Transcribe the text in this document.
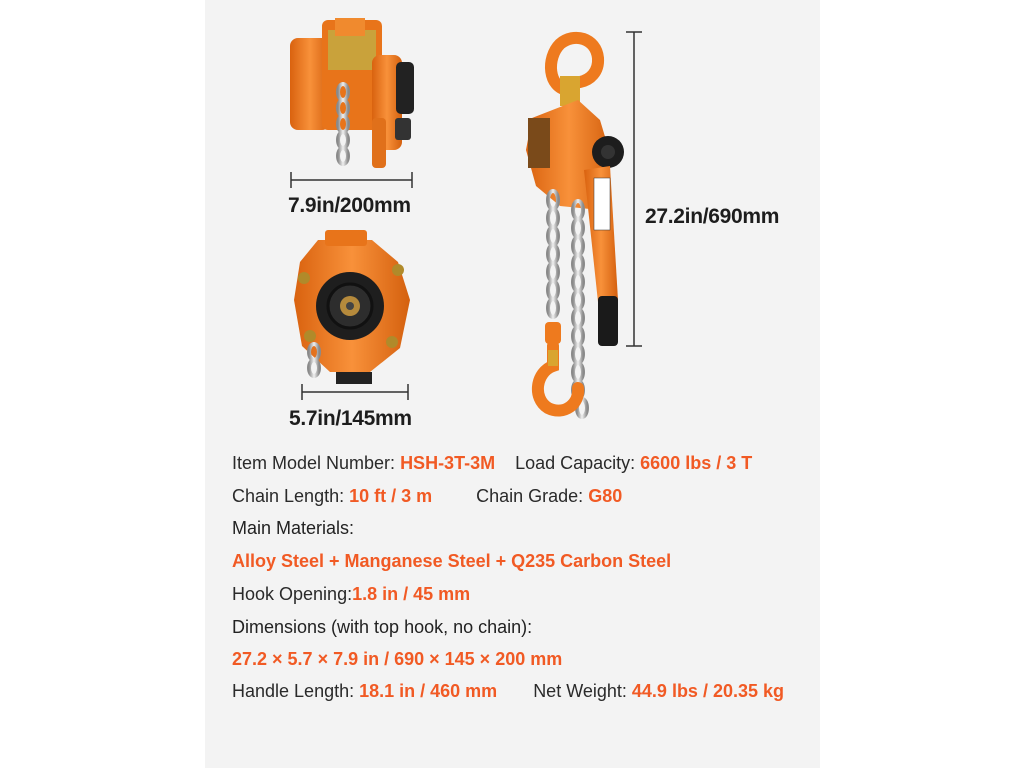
7.9in/200mm
5.7in/145mm
27.2in/690mm
Item Model Number: HSH-3T-3M Load Capacity: 6600 lbs / 3 T
Chain Length: 10 ft / 3 m Chain Grade: G80
Main Materials:
Alloy Steel + Manganese Steel + Q235 Carbon Steel
Hook Opening:1.8 in / 45 mm
Dimensions (with top hook, no chain):
27.2 × 5.7 × 7.9 in / 690 × 145 × 200 mm
Handle Length: 18.1 in / 460 mm Net Weight: 44.9 lbs / 20.35 kg
